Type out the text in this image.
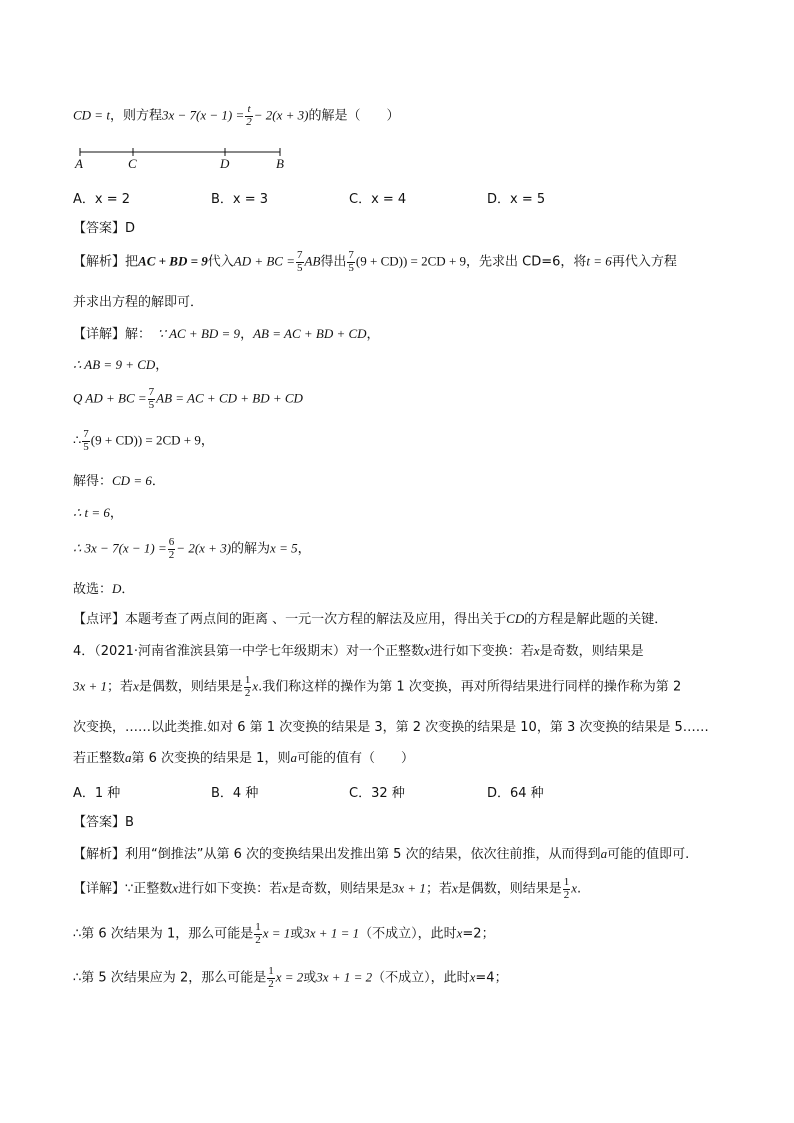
CD = t，则方程$3x - 7(x - 1) = \frac{t}{2} - 2(x + 3)$的解是（　　）
A	C	D	B
A．x = 2	B．x = 3	C．x = 4	D．x = 5
【答案】D
【解析】把AC + BD = 9代入AD + BC = $\frac{7}{5}$ AB得出 $\frac{7}{5} (9 + CD)) = 2CD + 9$，先求出 CD=6，将t = 6再代入方程
并求出方程的解即可．
【详解】解：　 ∵ AC + BD = 9，AB = AC + BD + CD，
∴ AB = 9 + CD，
Q AD + BC = $\frac{7}{5}$ AB = AC + CD + BD + CD
∴ $\frac{7}{5} (9 + CD)) = 2CD + 9$，
解得：CD = 6．
∴ t = 6，
∴ $3x - 7(x - 1) = \frac{6}{2} - 2(x + 3)$的解为x = 5，
故选：D．
【点评】本题考查了两点间的距离 、一元一次方程的解法及应用，得出关于CD的方程是解此题的关键．
4．（2021·河南省淮滨县第一中学七年级期末）对一个正整数x进行如下变换：若x是奇数，则结果是
3x + 1；若x是偶数，则结果是 $\frac{1}{2} x$.我们称这样的操作为第 1 次变换，再对所得结果进行同样的操作称为第 2
次变换，……以此类推.如对 6 第 1 次变换的结果是 3，第 2 次变换的结果是 10，第 3 次变换的结果是 5……
若正整数a第 6 次变换的结果是 1，则a可能的值有（　　）
A．1 种	B．4 种	C．32 种	D．64 种
【答案】B
【解析】利用“倒推法”从第 6 次的变换结果出发推出第 5 次的结果，依次往前推，从而得到a可能的值即可.
【详解】∵正整数x进行如下变换：若x是奇数，则结果是3x + 1；若x是偶数，则结果是 $\frac{1}{2} x$.
∴第 6 次结果为 1，那么可能是 $\frac{1}{2}$ x = 1或3x + 1 = 1（不成立），此时x=2；
∴第 5 次结果应为 2，那么可能是 $\frac{1}{2}$ x = 2或3x + 1 = 2（不成立），此时x=4；
